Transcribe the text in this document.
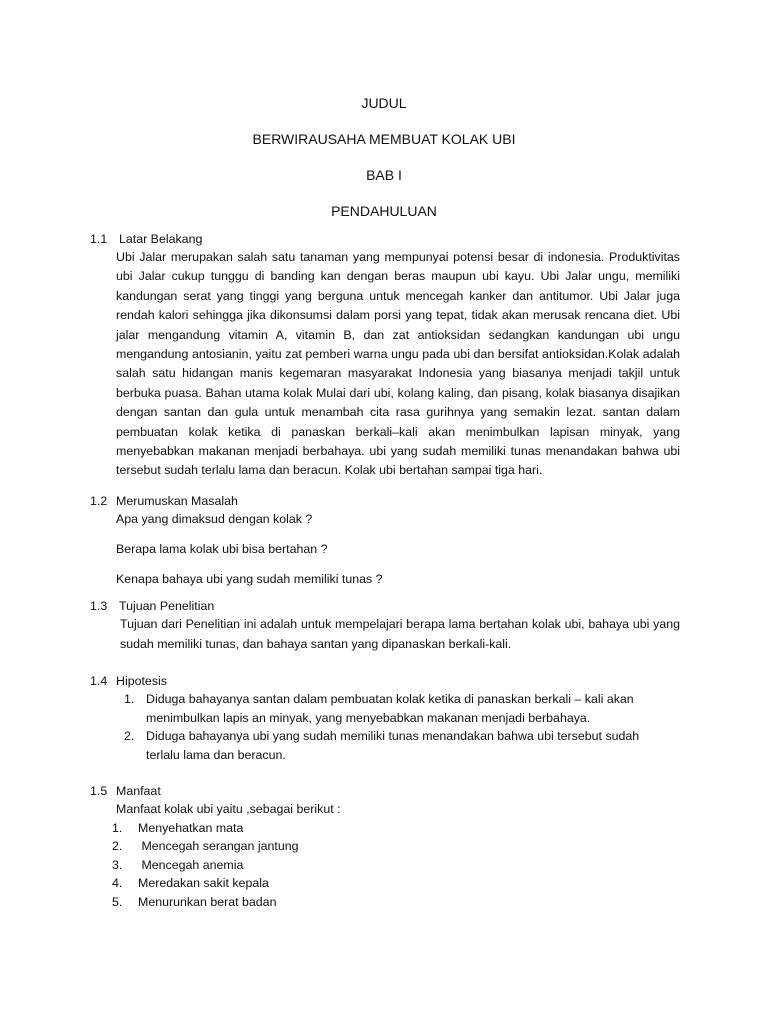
JUDUL
BERWIRAUSAHA MEMBUAT KOLAK UBI
BAB I
PENDAHULUAN
1.1 Latar Belakang
Ubi Jalar merupakan salah satu tanaman yang mempunyai potensi besar di indonesia. Produktivitas ubi Jalar cukup tunggu di banding kan dengan beras maupun ubi kayu. Ubi Jalar ungu, memiliki kandungan serat yang tinggi yang berguna untuk mencegah kanker dan antitumor. Ubi Jalar juga rendah kalori sehingga jika dikonsumsi dalam porsi yang tepat, tidak akan merusak rencana diet. Ubi jalar mengandung vitamin A, vitamin B, dan zat antioksidan sedangkan kandungan ubi ungu mengandung antosianin, yaitu zat pemberi warna ungu pada ubi dan bersifat antioksidan.Kolak adalah salah satu hidangan manis kegemaran masyarakat Indonesia yang biasanya menjadi takjil untuk berbuka puasa. Bahan utama kolak Mulai dari ubi, kolang kaling, dan pisang, kolak biasanya disajikan dengan santan dan gula untuk menambah cita rasa gurihnya yang semakin lezat. santan dalam pembuatan kolak ketika di panaskan berkali–kali akan menimbulkan lapisan minyak, yang menyebabkan makanan menjadi berbahaya. ubi yang sudah memiliki tunas menandakan bahwa ubi tersebut sudah terlalu lama dan beracun. Kolak ubi bertahan sampai tiga hari.
1.2 Merumuskan Masalah
Apa yang dimaksud dengan kolak ?
Berapa lama kolak ubi bisa bertahan ?
Kenapa bahaya ubi yang sudah memiliki tunas ?
1.3 Tujuan Penelitian
Tujuan dari Penelitian ini adalah untuk mempelajari berapa lama bertahan kolak ubi, bahaya ubi yang sudah memiliki tunas, dan bahaya santan yang dipanaskan berkali-kali.
1.4 Hipotesis
1. Diduga bahayanya santan dalam pembuatan kolak ketika di panaskan berkali – kali akan menimbulkan lapis an minyak, yang menyebabkan makanan menjadi berbahaya.
2. Diduga bahayanya ubi yang sudah memiliki tunas menandakan bahwa ubi tersebut sudah terlalu lama dan beracun.
1.5 Manfaat
Manfaat kolak ubi yaitu ,sebagai berikut :
1.	Menyehatkan mata
2.	Mencegah serangan jantung
3.	Mencegah anemia
4.	Meredakan sakit kepala
5.	Menurunkan berat badan
